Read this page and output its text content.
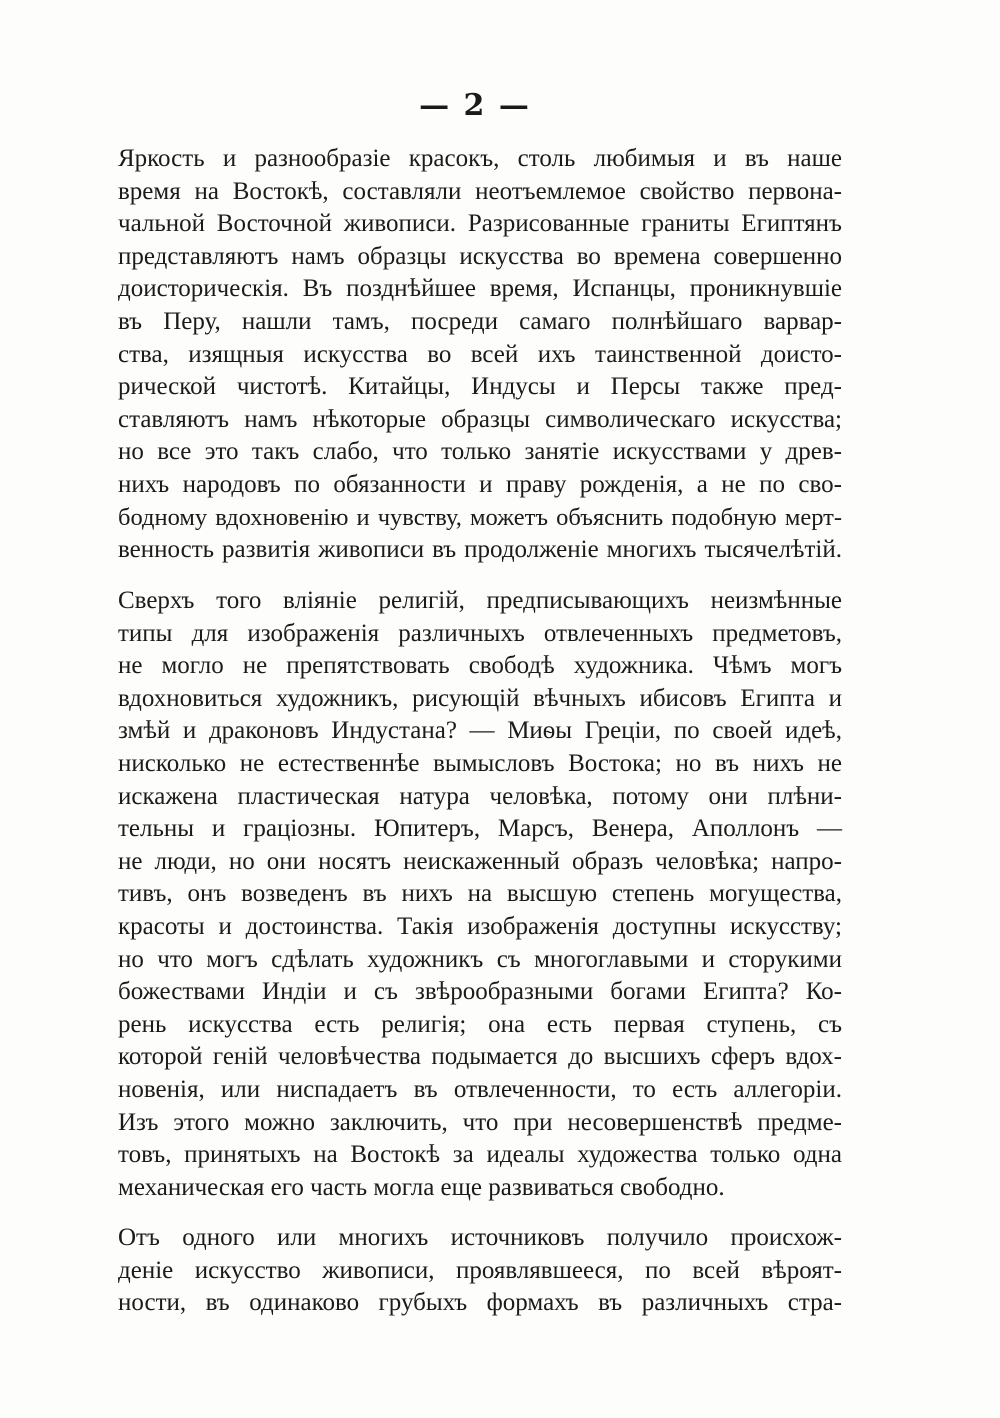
— 2 —
Яркость и разнообразіе красокъ, столь любимыя и въ наше
время на Востокѣ, составляли неотъемлемое свойство первона-
чальной Восточной живописи. Разрисованные граниты Египтянъ
представляютъ намъ образцы искусства во времена совершенно
доисторическія. Въ позднѣйшее время, Испанцы, проникнувшіе
въ Перу, нашли тамъ, посреди самаго полнѣйшаго варвар-
ства, изящныя искусства во всей ихъ таинственной доисто-
рической чистотѣ. Китайцы, Индусы и Персы также пред-
ставляютъ намъ нѣкоторые образцы символическаго искусства;
но все это такъ слабо, что только занятіе искусствами у древ-
нихъ народовъ по обязанности и праву рожденія, а не по сво-
бодному вдохновенію и чувству, можетъ объяснить подобную мерт-
венность развитія живописи въ продолженіе многихъ тысячелѣтій.
Сверхъ того вліяніе религій, предписывающихъ неизмѣнные
типы для изображенія различныхъ отвлеченныхъ предметовъ,
не могло не препятствовать свободѣ художника. Чѣмъ могъ
вдохновиться художникъ, рисующій вѣчныхъ ибисовъ Египта и
змѣй и драконовъ Индустана? — Миѳы Греціи, по своей идеѣ,
нисколько не естественнѣе вымысловъ Востока; но въ нихъ не
искажена пластическая натура человѣка, потому они плѣни-
тельны и граціозны. Юпитеръ, Марсъ, Венера, Аполлонъ —
не люди, но они носятъ неискаженный образъ человѣка; напро-
тивъ, онъ возведенъ въ нихъ на высшую степень могущества,
красоты и достоинства. Такія изображенія доступны искусству;
но что могъ сдѣлать художникъ съ многоглавыми и сторукими
божествами Индіи и съ звѣрообразными богами Египта? Ко-
рень искусства есть религія; она есть первая ступень, съ
которой геній человѣчества подымается до высшихъ сферъ вдох-
новенія, или ниспадаетъ въ отвлеченности, то есть аллегоріи.
Изъ этого можно заключить, что при несовершенствѣ предме-
товъ, принятыхъ на Востокѣ за идеалы художества только одна
механическая его часть могла еще развиваться свободно.
Отъ одного или многихъ источниковъ получило происхож-
деніе искусство живописи, проявлявшееся, по всей вѣроят-
ности, въ одинаково грубыхъ формахъ въ различныхъ стра-
